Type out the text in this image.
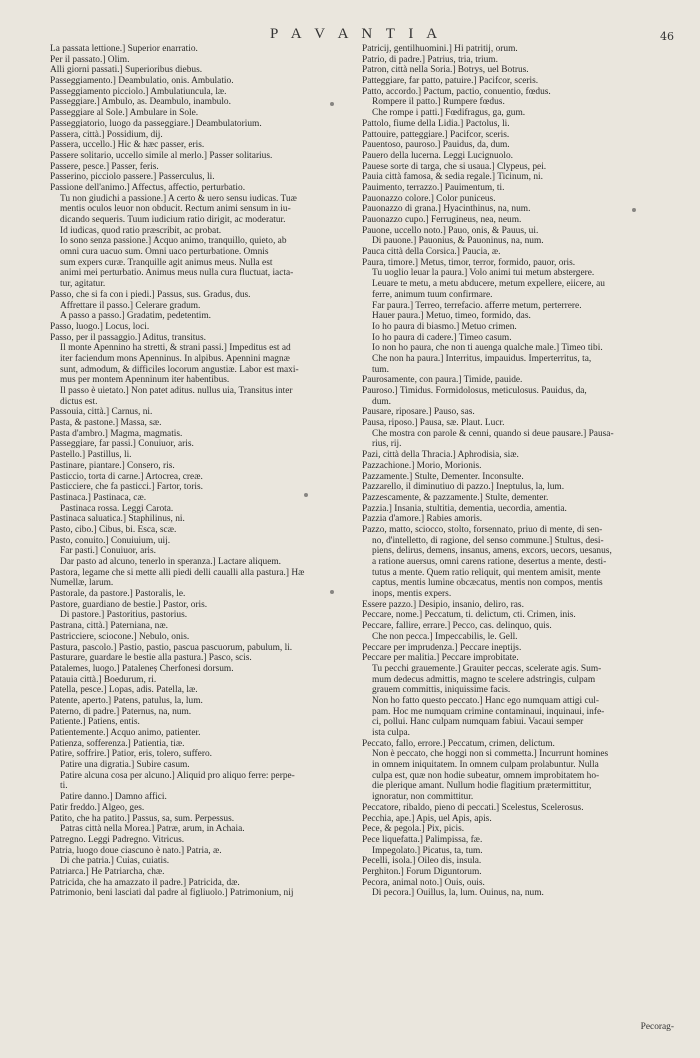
P A V A N T I A	46
La passata lettione.] Superior enarratio.
Per il passato.] Olim.
Alli giorni passati.] Superioribus diebus.
Passeggiamento.] Deambulatio, onis. Ambulatio.
Passeggiamento picciolo.] Ambulatiuncula, læ.
Passeggiare.] Ambulo, as. Deambulo, inambulo.
Passeggiare al Sole.] Ambulare in Sole.
Passeggiatorio, luogo da passeggiare.] Deambulatorium.
Passera, città.] Possidium, dij.
Passera, uccello.] Hic & hæc passer, eris.
Passere solitario, uccello simile al merlo.] Passer solitarius.
Passere, pesce.] Passer, feris.
Passerino, picciolo passere.] Passerculus, li.
Passione dell'animo.] Affectus, affectio, perturbatio.
Tu non giudichi a passione.] A certo & uero sensu iudicas. Tuæ
mentis oculos leuor non obducit. Rectum animi sensum in iu-
dicando sequeris. Tuum iudicium ratio dirigit, ac moderatur.
Id iudicas, quod ratio præscribit, ac probat.
Io sono senza passione.] Acquo animo, tranquillo, quieto, ab
omni cura uacuo sum. Omni uaco perturbatione. Omnis
sum expers curæ. Tranquille agit animus meus. Nulla est
animi mei perturbatio. Animus meus nulla cura fluctuat, iacta-
tur, agitatur.
Passo, che si fa con i piedi.] Passus, sus. Gradus, dus.
Affrettare il passo.] Celerare gradum.
A passo a passo.] Gradatim, pedetentim.
Passo, luogo.] Locus, loci.
Passo, per il passaggio.] Aditus, transitus.
Il monte Apennino ha stretti, & strani passi.] Impeditus est ad
iter faciendum mons Apenninus. In alpibus. Apennini magnæ
sunt, admodum, & difficiles locorum angustiæ. Labor est maxi-
mus per montem Apenninum iter habentibus.
Il passo è uietato.] Non patet aditus. nullus uia, Transitus inter
dictus est.
Passouia, città.] Carnus, ni.
Pasta, & pastone.] Massa, sæ.
Pasta d'ambro.] Magma, magmatis.
Passeggiare, far passi.] Conuiuor, aris.
Pastello.] Pastillus, li.
Pastinare, piantare.] Consero, ris.
Pasticcio, torta di carne.] Artocrea, creæ.
Pasticciere, che fa pasticci.] Fartor, toris.
Pastinaca.] Pastinaca, cæ.
Pastinaca rossa. Leggi Carota.
Pastinaca saluatica.] Staphilinus, ni.
Pasto, cibo.] Cibus, bi. Esca, scæ.
Pasto, conuito.] Conuiuium, uij.
Far pasti.] Conuiuor, aris.
Dar pasto ad alcuno, tenerlo in speranza.] Lactare aliquem.
Pastora, legame che si mette alli piedi delli caualli alla pastura.] Hæ
Numellæ, larum.
Pastorale, da pastore.] Pastoralis, le.
Pastore, guardiano de bestie.] Pastor, oris.
Di pastore.] Pastoritius, pastorius.
Pastrana, città.] Paterniana, næ.
Pastricciere, sciocone.] Nebulo, onis.
Pastura, pascolo.] Pastio, pastio, pascua pascuorum, pabulum, li.
Pasturare, guardare le bestie alla pastura.] Pasco, scis.
Patalemes, luogo.] Pataleneș Cherfonesi dorsum.
Patauia città.] Boedurum, ri.
Patella, pesce.] Lopas, adis. Patella, læ.
Patente, aperto.] Patens, patulus, la, lum.
Paterno, di padre.] Paternus, na, num.
Patiente.] Patiens, entis.
Patientemente.] Acquo animo, patienter.
Patienza, sofferenza.] Patientia, tiæ.
Patire, soffrire.] Patior, eris, tolero, suffero.
Patire una digratia.] Subire casum.
Patire alcuna cosa per alcuno.] Aliquid pro aliquo ferre: perpe-
ti.
Patire danno.] Damno affici.
Patir freddo.] Algeo, ges.
Patito, che ha patito.] Passus, sa, sum. Perpessus.
Patras città nella Morea.] Patræ, arum, in Achaia.
Patregno. Leggi Padregno. Vitricus.
Patria, luogo doue ciascuno è nato.] Patria, æ.
Di che patria.] Cuias, cuiatis.
Patriarca.] He Patriarcha, chæ.
Patricida, che ha amazzato il padre.] Patricida, dæ.
Patrimonio, beni lasciati dal padre al figliuolo.] Patrimonium, nij
Patricij, gentilhuomini.] Hi patritij, orum.
Patrio, di padre.] Patrius, tria, trium.
Patron, città nella Soria.] Botrys, uel Botrus.
Patteggiare, far patto, patuire.] Pacifcor, sceris.
Patto, accordo.] Pactum, pactio, conuentio, fœdus.
Rompere il patto.] Rumpere fœdus.
Che rompe i patti.] Fœdifragus, ga, gum.
Pattolo, fiume della Lidia.] Pactolus, li.
Pattouire, patteggiare.] Pacifcor, sceris.
Pauentoso, pauroso.] Pauidus, da, dum.
Pauero della lucerna. Leggi Lucignuolo.
Pauese sorte di targa, che si usaua.] Clypeus, pei.
Pauia città famosa, & sedia regale.] Ticinum, ni.
Pauimento, terrazzo.] Pauimentum, ti.
Pauonazzo colore.] Color puniceus.
Pauonazzo di grana.] Hyacinthinus, na, num.
Pauonazzo cupo.] Ferrugineus, nea, neum.
Pauone, uccello noto.] Pauo, onis, & Pauus, ui.
Di pauone.] Pauonius, & Pauoninus, na, num.
Pauca città della Corsica.] Paucia, æ.
Paura, timore.] Metus, timor, terror, formido, pauor, oris.
Tu uoglio leuar la paura.] Volo animi tui metum abstergere.
Leuare te metu, a metu abducere, metum expellere, eiicere, au
ferre, animum tuum confirmare.
Far paura.] Terreo, terrefacio. afferre metum, perterrere.
Hauer paura.] Metuo, timeo, formido, das.
Io ho paura di biasmo.] Metuo crimen.
Io ho paura di cadere.] Timeo casum.
Io non ho paura, che non ti auenga qualche male.] Timeo tibi.
Che non ha paura.] Interritus, impauidus. Imperterritus, ta,
tum.
Paurosamente, con paura.] Timide, pauide.
Pauroso.] Timidus. Formidolosus, meticulosus. Pauidus, da,
dum.
Pausare, riposare.] Pauso, sas.
Pausa, riposo.] Pausa, sæ. Plaut. Lucr.
Che mostra con parole & cenni, quando si deue pausare.] Pausa-
rius, rij.
Pazi, città della Thracia.] Aphrodisia, siæ.
Pazzachione.] Morio, Morionis.
Pazzamente.] Stulte, Dementer. Inconsulte.
Pazzarello, il diminutiuo di pazzo.] Ineptulus, la, lum.
Pazzescamente, & pazzamente.] Stulte, dementer.
Pazzia.] Insania, stultitia, dementia, uecordia, amentia.
Pazzia d'amore.] Rabies amoris.
Pazzo, matto, sciocco, stolto, forsennato, priuo di mente, di sen-
no, d'intelletto, di ragione, del senso commune.] Stultus, desi-
piens, delirus, demens, insanus, amens, excors, uecors, uesanus,
a ratione auersus, omni carens ratione, desertus a mente, desti-
tutus a mente. Quem ratio reliquit, qui mentem amisit, mente
captus, mentis lumine obcæcatus, mentis non compos, mentis
inops, mentis expers.
Essere pazzo.] Desipio, insanio, deliro, ras.
Peccare, nome.] Peccatum, ti. delictum, cti. Crimen, inis.
Peccare, fallire, errare.] Pecco, cas. delinquo, quis.
Che non pecca.] Impeccabilis, le. Gell.
Peccare per imprudenza.] Peccare ineptijs.
Peccare per malitia.] Peccare improbitate.
Tu pecchi grauemente.] Grauiter peccas, scelerate agis. Sum-
mum dedecus admittis, magno te scelere adstringis, culpam
grauem committis, iniquissime facis.
Non ho fatto questo peccato.] Hanc ego numquam attigi cul-
pam. Hoc me numquam crimine contaminaui, inquinaui, infe-
ci, pollui. Hanc culpam numquam fabiui. Vacaui semper
ista culpa.
Peccato, fallo, errore.] Peccatum, crimen, delictum.
Non è peccato, che hoggi non si commetta.] Incurrunt homines
in omnem iniquitatem. In omnem culpam prolabuntur. Nulla
culpa est, quæ non hodie subeatur, omnem improbitatem ho-
die plerique amant. Nullum hodie flagitium prætermittitur,
ignoratur, non committitur.
Peccatore, ribaldo, pieno di peccati.] Scelestus, Scelerosus.
Pecchia, ape.] Apis, uel Apis, apis.
Pece, & pegola.] Pix, picis.
Pece liquefatta.] Palimpissa, fæ.
Impegolato.] Picatus, ta, tum.
Pecelli, isola.] Oileo dis, insula.
Perghiton.] Forum Diguntorum.
Pecora, animal noto.] Ouis, ouis.
Di pecora.] Ouillus, la, lum. Ouinus, na, num.
Pecorag-
